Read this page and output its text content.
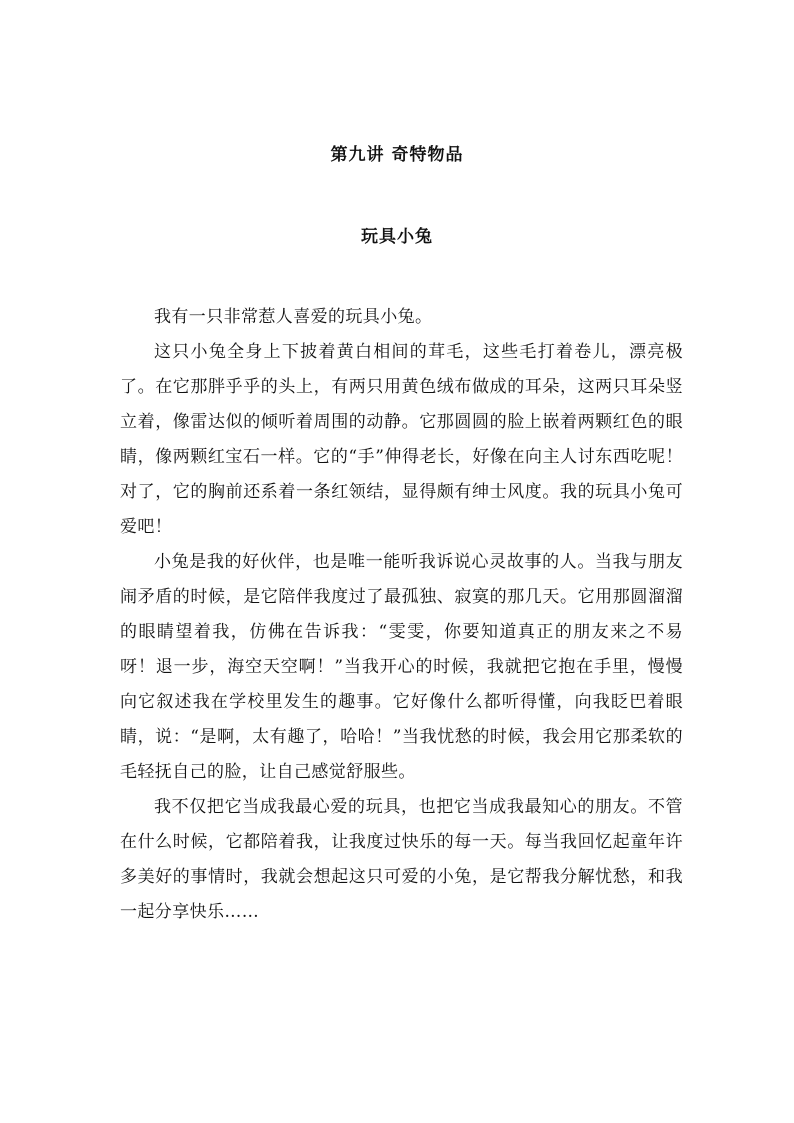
第九讲 奇特物品
玩具小兔

我有一只非常惹人喜爱的玩具小兔。

这只小兔全身上下披着黄白相间的茸毛，这些毛打着卷儿，漂亮极了。在它那胖乎乎的头上，有两只用黄色绒布做成的耳朵，这两只耳朵竖立着，像雷达似的倾听着周围的动静。它那圆圆的脸上嵌着两颗红色的眼睛，像两颗红宝石一样。它的“手”伸得老长，好像在向主人讨东西吃呢！对了，它的胸前还系着一条红领结，显得颇有绅士风度。我的玩具小兔可爱吧！

小兔是我的好伙伴，也是唯一能听我诉说心灵故事的人。当我与朋友闹矛盾的时候，是它陪伴我度过了最孤独、寂寞的那几天。它用那圆溜溜的眼睛望着我，仿佛在告诉我：“雯雯，你要知道真正的朋友来之不易呀！退一步，海空天空啊！”当我开心的时候，我就把它抱在手里，慢慢向它叙述我在学校里发生的趣事。它好像什么都听得懂，向我眨巴着眼睛，说：“是啊，太有趣了，哈哈！”当我忧愁的时候，我会用它那柔软的毛轻抚自己的脸，让自己感觉舒服些。

我不仅把它当成我最心爱的玩具，也把它当成我最知心的朋友。不管在什么时候，它都陪着我，让我度过快乐的每一天。每当我回忆起童年许多美好的事情时，我就会想起这只可爱的小兔，是它帮我分解忧愁，和我一起分享快乐……
